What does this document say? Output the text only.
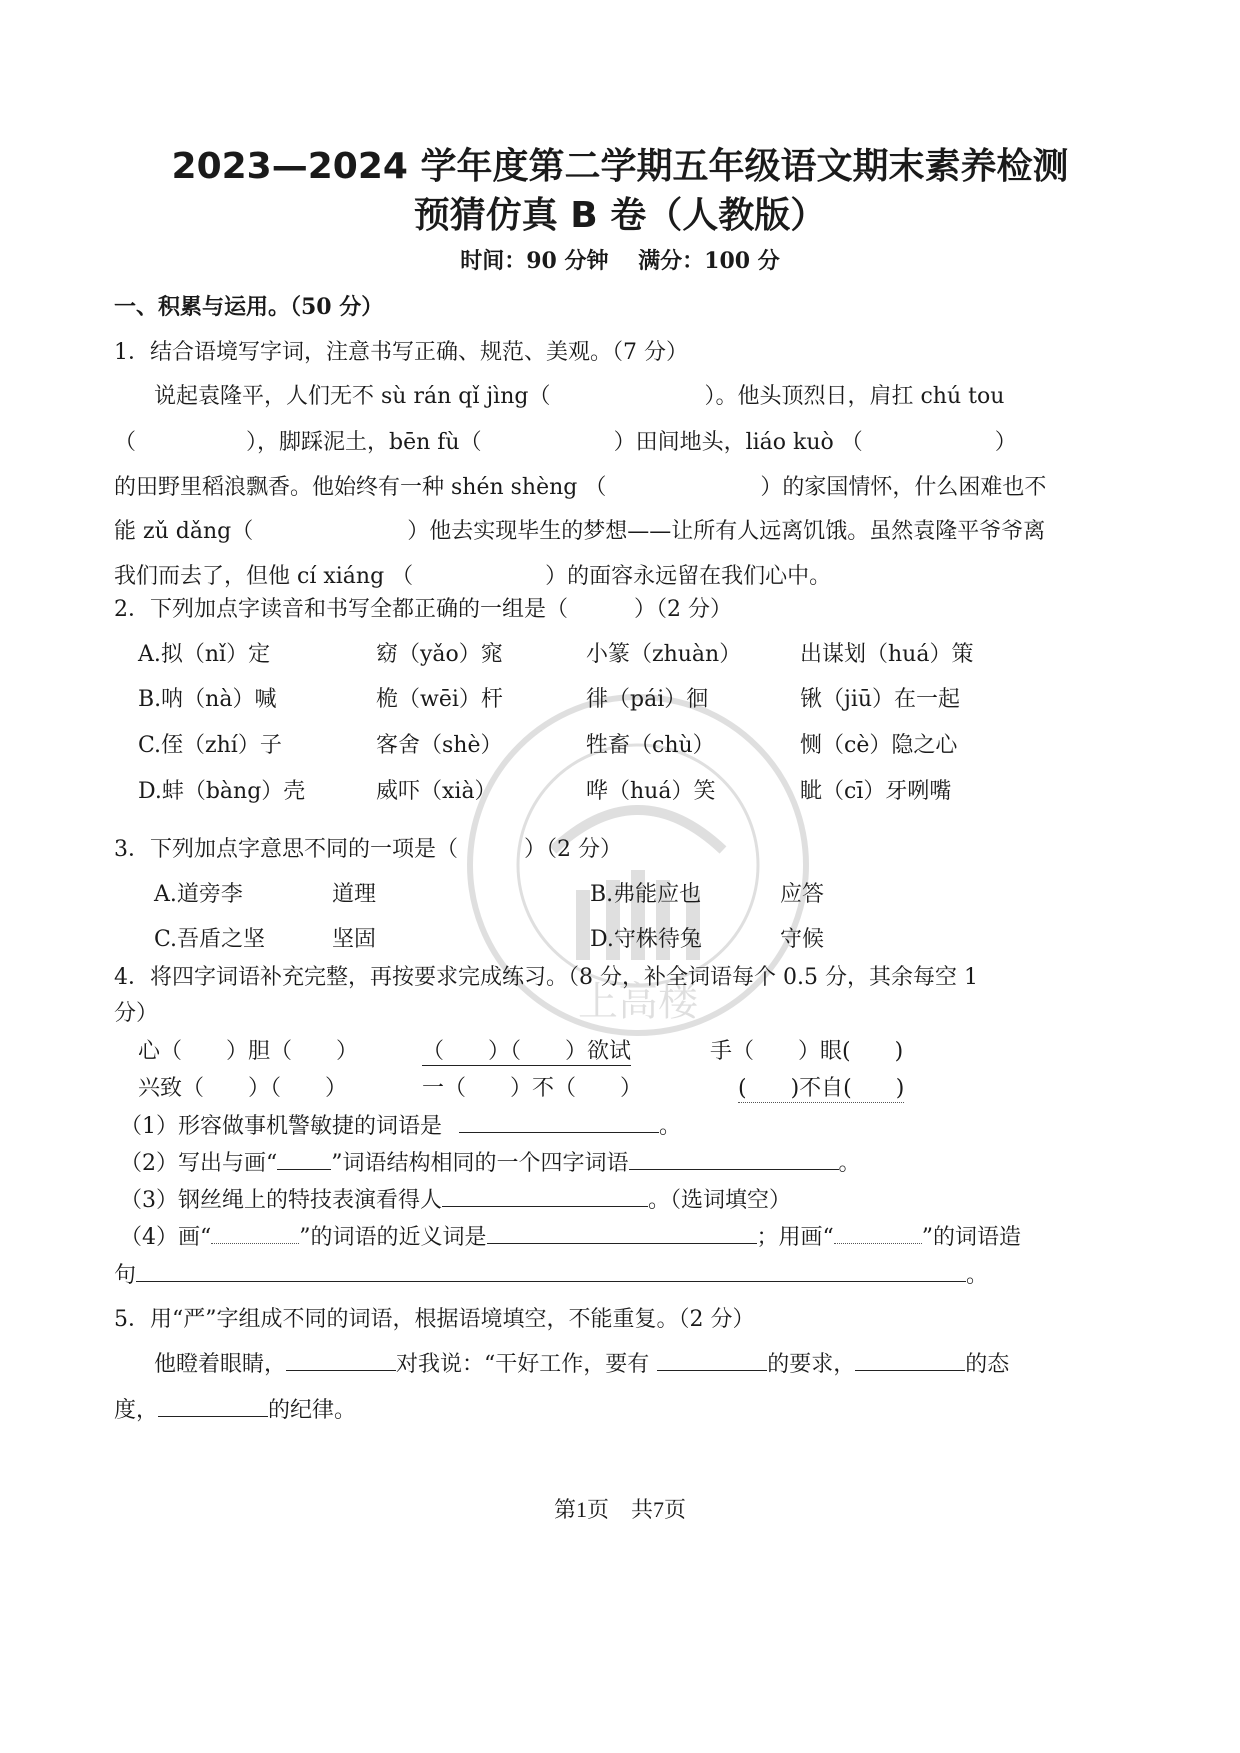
上高楼
2023—2024 学年度第二学期五年级语文期末素养检测
预猜仿真 B 卷（人教版）
时间：90 分钟　 满分：100 分
一、积累与运用。（50 分）
1．结合语境写字词，注意书写正确、规范、美观。（7 分）
说起袁隆平，人们无不 sù rán qǐ jìng（　　　　　　　）。他头顶烈日，肩扛 chú tou
（　　　　　），脚踩泥土，bēn fù（　　　　　　）田间地头，liáo kuò （　　　　　　）
的田野里稻浪飘香。他始终有一种 shén shèng （　　　　　　　）的家国情怀，什么困难也不
能 zǔ dǎng（　　　　　　　）他去实现毕生的梦想——让所有人远离饥饿。虽然袁隆平爷爷离
我们而去了，但他 cí xiáng （　　　　　　）的面容永远留在我们心中。
2．下列加点字读音和书写全都正确的一组是（　　　）（2 分）
A.拟（nǐ）定	窈（yǎo）窕	小篆（zhuàn）	出谋划（huá）策
B.呐（nà）喊	桅（wēi）杆	徘（pái）徊	锹（jiū）在一起
C.侄（zhí）子	客舍（shè）	牲畜（chù）	恻（cè）隐之心
D.蚌（bàng）壳	威吓（xià）	哗（huá）笑	眦（cī）牙咧嘴
3．下列加点字意思不同的一项是（　　　）（2 分）
A.道旁李	道理	B.弗能应也	应答
C.吾盾之坚	坚固	D.守株待兔	守候
4．将四字词语补充完整，再按要求完成练习。（8 分，补全词语每个 0.5 分，其余每空 1
分）
心（　　）胆（　　）	（　　）（　　）欲试	手（　　）眼(　　)
兴致（　　）（　　）	一（　　）不（　　）	(　　)不自(　　)
（1）形容做事机警敏捷的词语是	。
（2）写出与画“ ”词语结构相同的一个四字词语	。
（3）钢丝绳上的特技表演看得人	。（选词填空）
（4）画“	”的词语的近义词是	；用画“	”的词语造
句	。
5．用“严”字组成不同的词语，根据语境填空，不能重复。（2 分）
他瞪着眼睛，	对我说：“干好工作，要有	的要求，	的态
度，	的纪律。
第1页　共7页
